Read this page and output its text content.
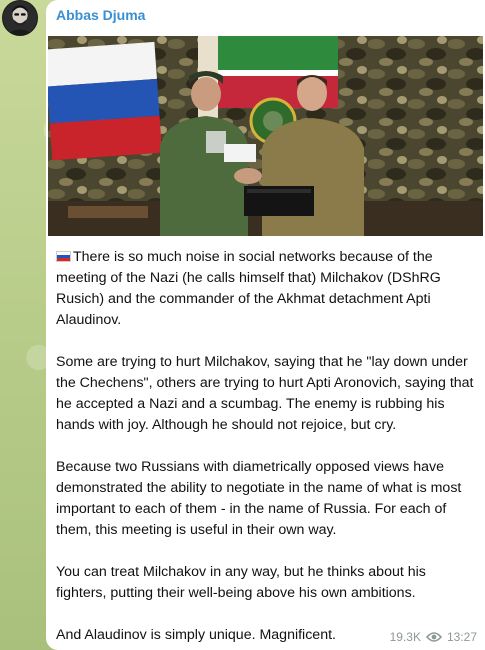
Abbas Djuma

There is so much noise in social networks because of the meeting of the Nazi (he calls himself that) Milchakov (DShRG Rusich) and the commander of the Akhmat detachment Apti Alaudinov.

Some are trying to hurt Milchakov, saying that he "lay down under the Chechens", others are trying to hurt Apti Aronovich, saying that he accepted a Nazi and a scumbag. The enemy is rubbing his hands with joy. Although he should not rejoice, but cry.

Because two Russians with diametrically opposed views have demonstrated the ability to negotiate in the name of what is most important to each of them - in the name of Russia. For each of them, this meeting is useful in their own way.

You can treat Milchakov in any way, but he thinks about his fighters, putting their well-being above his own ambitions.

And Alaudinov is simply unique. Magnificent.	19.3K 13:27
